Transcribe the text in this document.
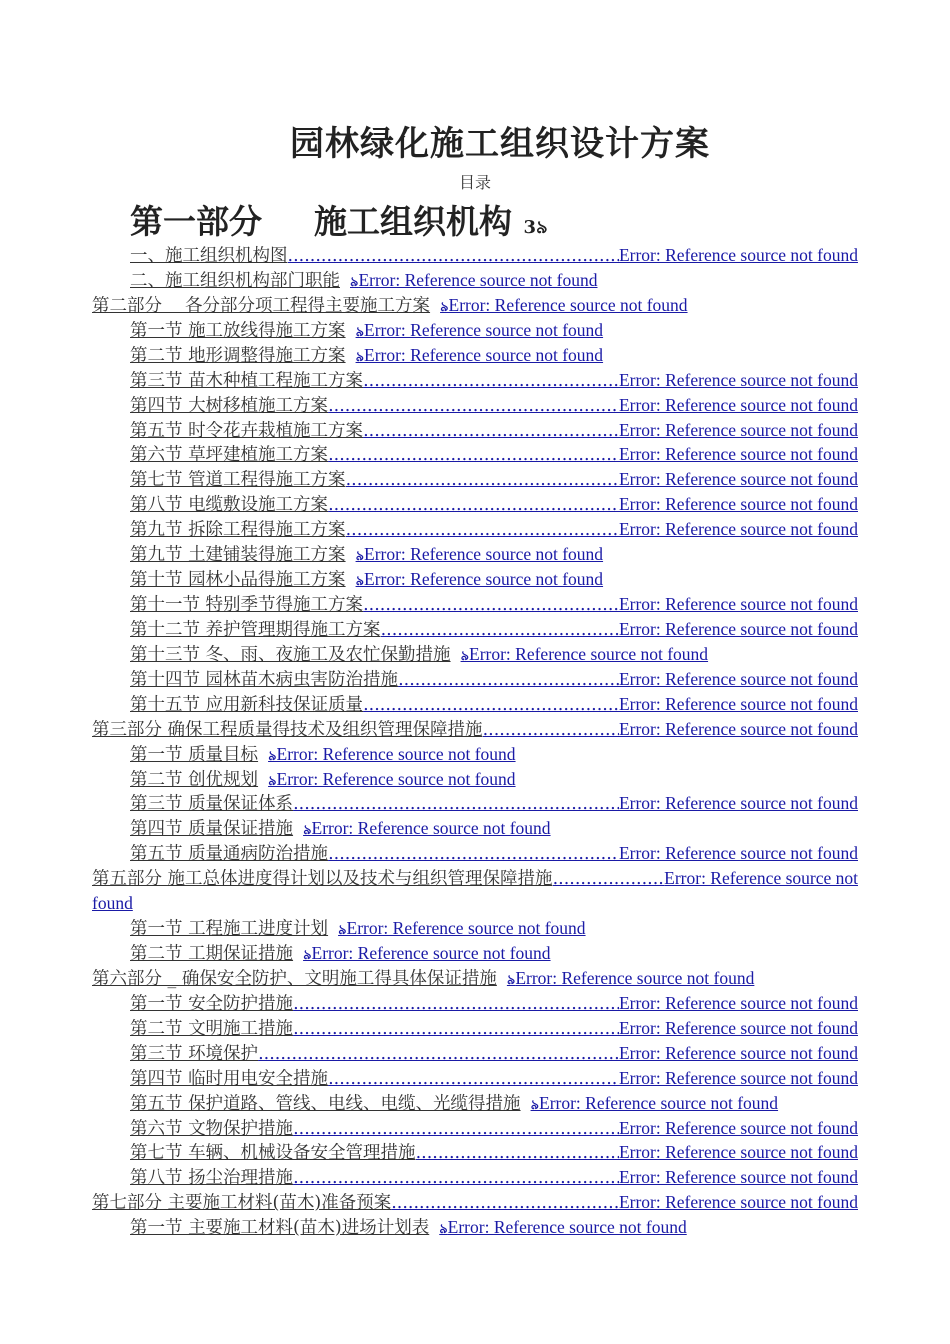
园林绿化施工组织设计方案
目录
第一部分 施工组织机构 3৯
一、施工组织机构图 .....	Error: Reference source not found
二、施工组织机构部门职能 ৯ Error: Reference source not found
第二部分　 各分部分项工程得主要施工方案 ৯ Error: Reference source not found
第一节 施工放线得施工方案 ৯ Error: Reference source not found
第二节 地形调整得施工方案 ৯ Error: Reference source not found
第三节 苗木种植工程施工方案 .....	Error: Reference source not found
第四节 大树移植施工方案 .....	Error: Reference source not found
第五节 时令花卉栽植施工方案 .....	Error: Reference source not found
第六节 草坪建植施工方案 .....	Error: Reference source not found
第七节 管道工程得施工方案 .....	Error: Reference source not found
第八节 电缆敷设施工方案 .....	Error: Reference source not found
第九节 拆除工程得施工方案 .....	Error: Reference source not found
第九节 土建铺装得施工方案 ৯ Error: Reference source not found
第十节 园林小品得施工方案 ৯ Error: Reference source not found
第十一节 特别季节得施工方案 .....	Error: Reference source not found
第十二节 养护管理期得施工方案 .....	Error: Reference source not found
第十三节 冬、雨、夜施工及农忙保勤措施 ৯ Error: Reference source not found
第十四节 园林苗木病虫害防治措施 .....	Error: Reference source not found
第十五节 应用新科技保证质量 .....	Error: Reference source not found
第三部分 确保工程质量得技术及组织管理保障措施 .....	Error: Reference source not found
第一节 质量目标 ৯ Error: Reference source not found
第二节 创优规划 ৯ Error: Reference source not found
第三节 质量保证体系 .....	Error: Reference source not found
第四节 质量保证措施 ৯ Error: Reference source not found
第五节 质量通病防治措施 .....	Error: Reference source not found
第五部分 施工总体进度得计划以及技术与组织管理保障措施 .....	Error: Reference source not
found
第一节 工程施工进度计划 ৯ Error: Reference source not found
第二节 工期保证措施 ৯ Error: Reference source not found
第六部分 _ 确保安全防护、文明施工得具体保证措施 ৯ Error: Reference source not found
第一节 安全防护措施 .....	Error: Reference source not found
第二节 文明施工措施 .....	Error: Reference source not found
第三节 环境保护 .....	Error: Reference source not found
第四节 临时用电安全措施 .....	Error: Reference source not found
第五节 保护道路、管线、电线、电缆、光缆得措施 ৯ Error: Reference source not found
第六节 文物保护措施 .....	Error: Reference source not found
第七节 车辆、机械设备安全管理措施 .....	Error: Reference source not found
第八节 扬尘治理措施 .....	Error: Reference source not found
第七部分 主要施工材料(苗木)准备预案 .....	Error: Reference source not found
第一节 主要施工材料(苗木)进场计划表 ৯ Error: Reference source not found
